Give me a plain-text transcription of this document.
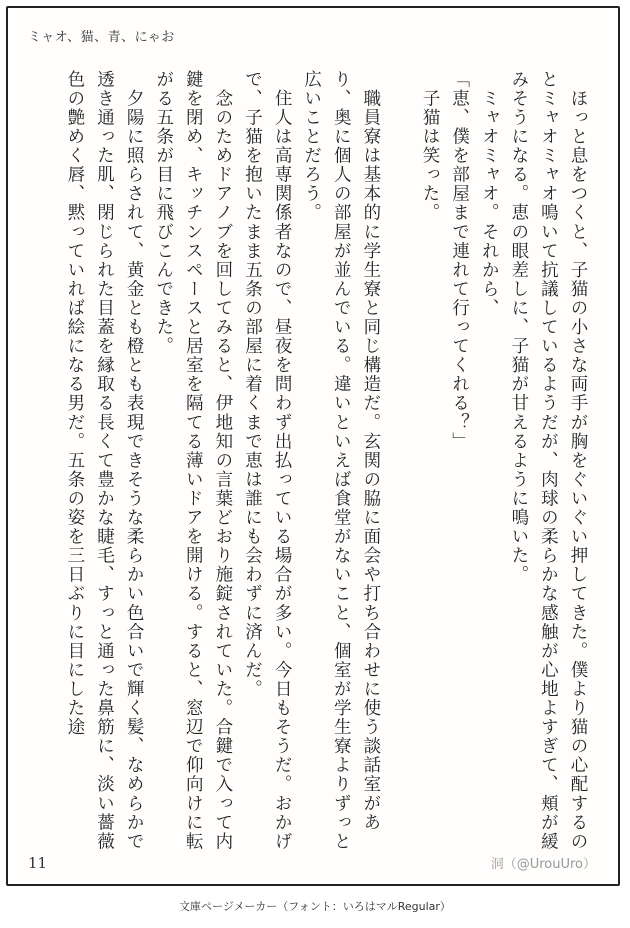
ミャオ、猫、青、にゃお

　ほっと息をつくと、子猫の小さな両手が胸をぐいぐい押してきた。僕より猫の心配するのとミャオミャオ鳴いて抗議しているようだが、肉球の柔らかな感触が心地よすぎて、頬が緩みそうになる。恵の眼差しに、子猫が甘えるように鳴いた。

　ミャオミャオ。それから、

「恵、僕を部屋まで連れて行ってくれる？」

　子猫は笑った。

　職員寮は基本的に学生寮と同じ構造だ。玄関の脇に面会や打ち合わせに使う談話室があり、奥に個人の部屋が並んでいる。違いといえば食堂がないこと、個室が学生寮よりずっと広いことだろう。

　住人は高専関係者なので、昼夜を問わず出払っている場合が多い。今日もそうだ。おかげで、子猫を抱いたまま五条の部屋に着くまで恵は誰にも会わずに済んだ。

　念のためドアノブを回してみると、伊地知の言葉どおり施錠されていた。合鍵で入って内鍵を閉め、キッチンスペースと居室を隔てる薄いドアを開ける。すると、窓辺で仰向けに転がる五条が目に飛びこんできた。

　夕陽に照らされて、黄金とも橙とも表現できそうな柔らかい色合いで輝く髪、なめらかで透き通った肌、閉じられた目蓋を縁取る長くて豊かな睫毛、すっと通った鼻筋に、淡い薔薇色の艶めく唇、黙っていれば絵になる男だ。五条の姿を三日ぶりに目にした途

11	洞（@UrouUro）
文庫ページメーカー（フォント：いろはマルRegular）
